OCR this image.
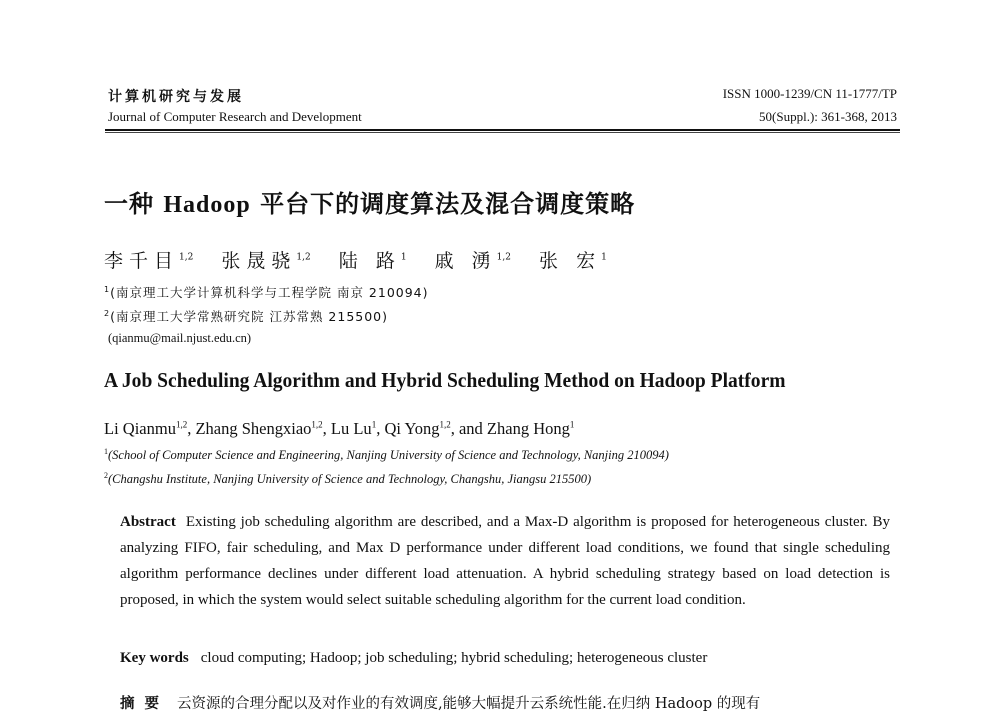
计算机研究与发展
Journal of Computer Research and Development
ISSN 1000-1239/CN 11-1777/TP
50(Suppl.): 361-368, 2013
一种 Hadoop 平台下的调度算法及混合调度策略
李千目$^{1,2}$ 张晟骁$^{1,2}$ 陆 路$^1$ 戚 湧$^{1,2}$ 张 宏$^1$
$^1$(南京理工大学计算机科学与工程学院 南京 210094)
$^2$(南京理工大学常熟研究院 江苏常熟 215500)
(qianmu@mail.njust.edu.cn)
A Job Scheduling Algorithm and Hybrid Scheduling Method on Hadoop Platform
Li Qianmu$^{1,2}$, Zhang Shengxiao$^{1,2}$, Lu Lu$^1$, Qi Yong$^{1,2}$, and Zhang Hong$^1$
$^1$(School of Computer Science and Engineering, Nanjing University of Science and Technology, Nanjing 210094)
$^2$(Changshu Institute, Nanjing University of Science and Technology, Changshu, Jiangsu 215500)
Abstract Existing job scheduling algorithm are described, and a Max-D algorithm is proposed for heterogeneous cluster. By analyzing FIFO, fair scheduling, and Max D performance under different load conditions, we found that single scheduling algorithm performance declines under different load attenuation. A hybrid scheduling strategy based on load detection is proposed, in which the system would select suitable scheduling algorithm for the current load condition.
Key words cloud computing; Hadoop; job scheduling; hybrid scheduling; heterogeneous cluster
摘要 云资源的合理分配以及对作业的有效调度,能够大幅提升云系统性能.在归纳 Hadoop 的现有
